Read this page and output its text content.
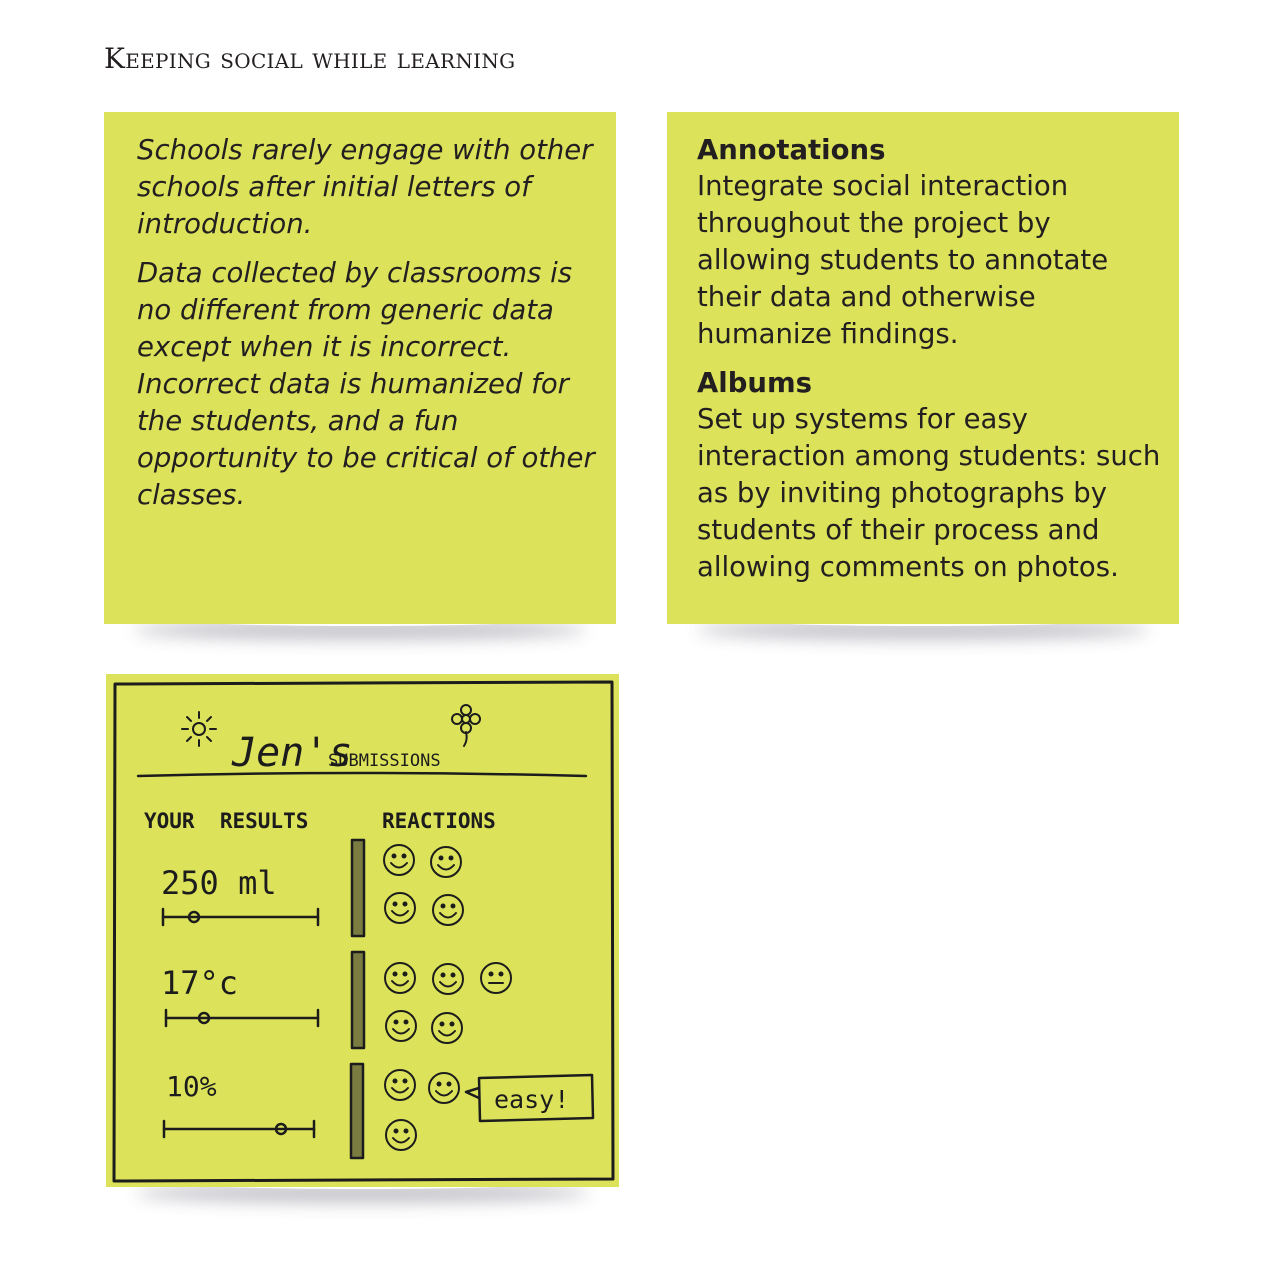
Keeping social while learning

Schools rarely engage with other schools after initial letters of introduction.

Data collected by classrooms is no different from generic data except when it is incorrect. Incorrect data is humanized for the students, and a fun opportunity to be critical of other classes.

Annotations

Integrate social interaction throughout the project by allowing students to annotate their data and otherwise humanize findings.

Albums

Set up systems for easy interaction among students: such as by inviting photographs by students of their process and allowing comments on photos.

Jen's
SUBMISSIONS
YOUR  RESULTS	REACTIONS
250 ml
17°c
10%	easy!
